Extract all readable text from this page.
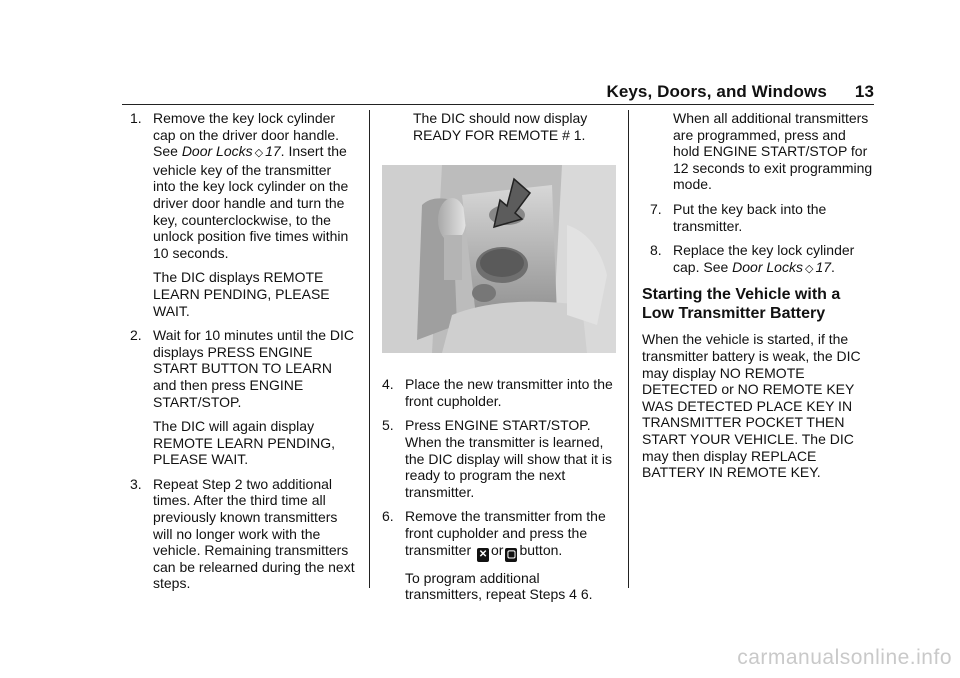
Keys, Doors, and Windows 13

1. Remove the key lock cylinder cap on the driver door handle. See Door Locks ◇ 17. Insert the vehicle key of the transmitter into the key lock cylinder on the driver door handle and turn the key, counterclockwise, to the unlock position five times within 10 seconds.

The DIC displays REMOTE LEARN PENDING, PLEASE WAIT.

2. Wait for 10 minutes until the DIC displays PRESS ENGINE START BUTTON TO LEARN and then press ENGINE START/STOP.

The DIC will again display REMOTE LEARN PENDING, PLEASE WAIT.

3. Repeat Step 2 two additional times. After the third time all previously known transmitters will no longer work with the vehicle. Remaining transmitters can be relearned during the next steps.

The DIC should now display READY FOR REMOTE # 1.

4. Place the new transmitter into the front cupholder.

5. Press ENGINE START/STOP. When the transmitter is learned, the DIC display will show that it is ready to program the next transmitter.

6. Remove the transmitter from the front cupholder and press the transmitter ✕ or ▢ button.

To program additional transmitters, repeat Steps 4 6.

When all additional transmitters are programmed, press and hold ENGINE START/STOP for 12 seconds to exit programming mode.

7. Put the key back into the transmitter.

8. Replace the key lock cylinder cap. See Door Locks ◇ 17.

Starting the Vehicle with a Low Transmitter Battery

When the vehicle is started, if the transmitter battery is weak, the DIC may display NO REMOTE DETECTED or NO REMOTE KEY WAS DETECTED PLACE KEY IN TRANSMITTER POCKET THEN START YOUR VEHICLE. The DIC may then display REPLACE BATTERY IN REMOTE KEY.

carmanualsonline.info
